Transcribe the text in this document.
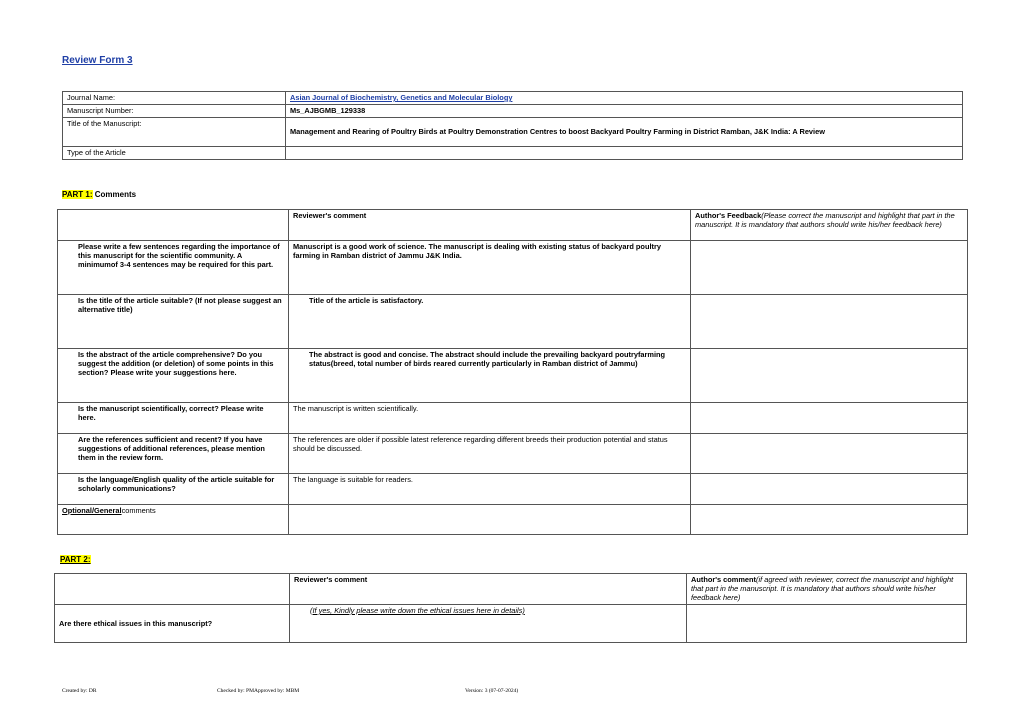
Review Form 3
Journal Name:	Asian Journal of Biochemistry, Genetics and Molecular Biology
Manuscript Number:	Ms_AJBGMB_129338
Title of the Manuscript:	Management and Rearing of Poultry Birds at Poultry Demonstration Centres to boost Backyard Poultry Farming in District Ramban, J&K India: A Review
Type of the Article	
PART 1: Comments
	Reviewer's comment	Author's Feedback(Please correct the manuscript and highlight that part in the manuscript. It is mandatory that authors should write his/her feedback here)
Please write a few sentences regarding the importance of this manuscript for the scientific community. A minimumof 3-4 sentences may be required for this part.	Manuscript is a good work of science. The manuscript is dealing with existing status of backyard poultry farming in Ramban district of Jammu J&K India.	
Is the title of the article suitable? (If not please suggest an alternative title)	Title of the article is satisfactory.	
Is the abstract of the article comprehensive? Do you suggest the addition (or deletion) of some points in this section? Please write your suggestions here.	The abstract is good and concise. The abstract should include the prevailing backyard poutryfarming status(breed, total number of birds reared currently particularly in Ramban district of Jammu)	
Is the manuscript scientifically, correct? Please write here.	The manuscript is written scientifically.	
Are the references sufficient and recent? If you have suggestions of additional references, please mention them in the review form.	The references are older if possible latest reference regarding different breeds their production potential and status should be discussed.	
Is the language/English quality of the article suitable for scholarly communications?	The language is suitable for readers.	
Optional/Generalcomments		
PART 2:
	Reviewer's comment	Author's comment(if agreed with reviewer, correct the manuscript and highlight that part in the manuscript. It is mandatory that authors should write his/her feedback here)
Are there ethical issues in this manuscript?	(If yes, Kindly please write down the ethical issues here in details)	
Created by: DR	Checked by: PMApproved by: MBM	Version: 3 (07-07-2024)
